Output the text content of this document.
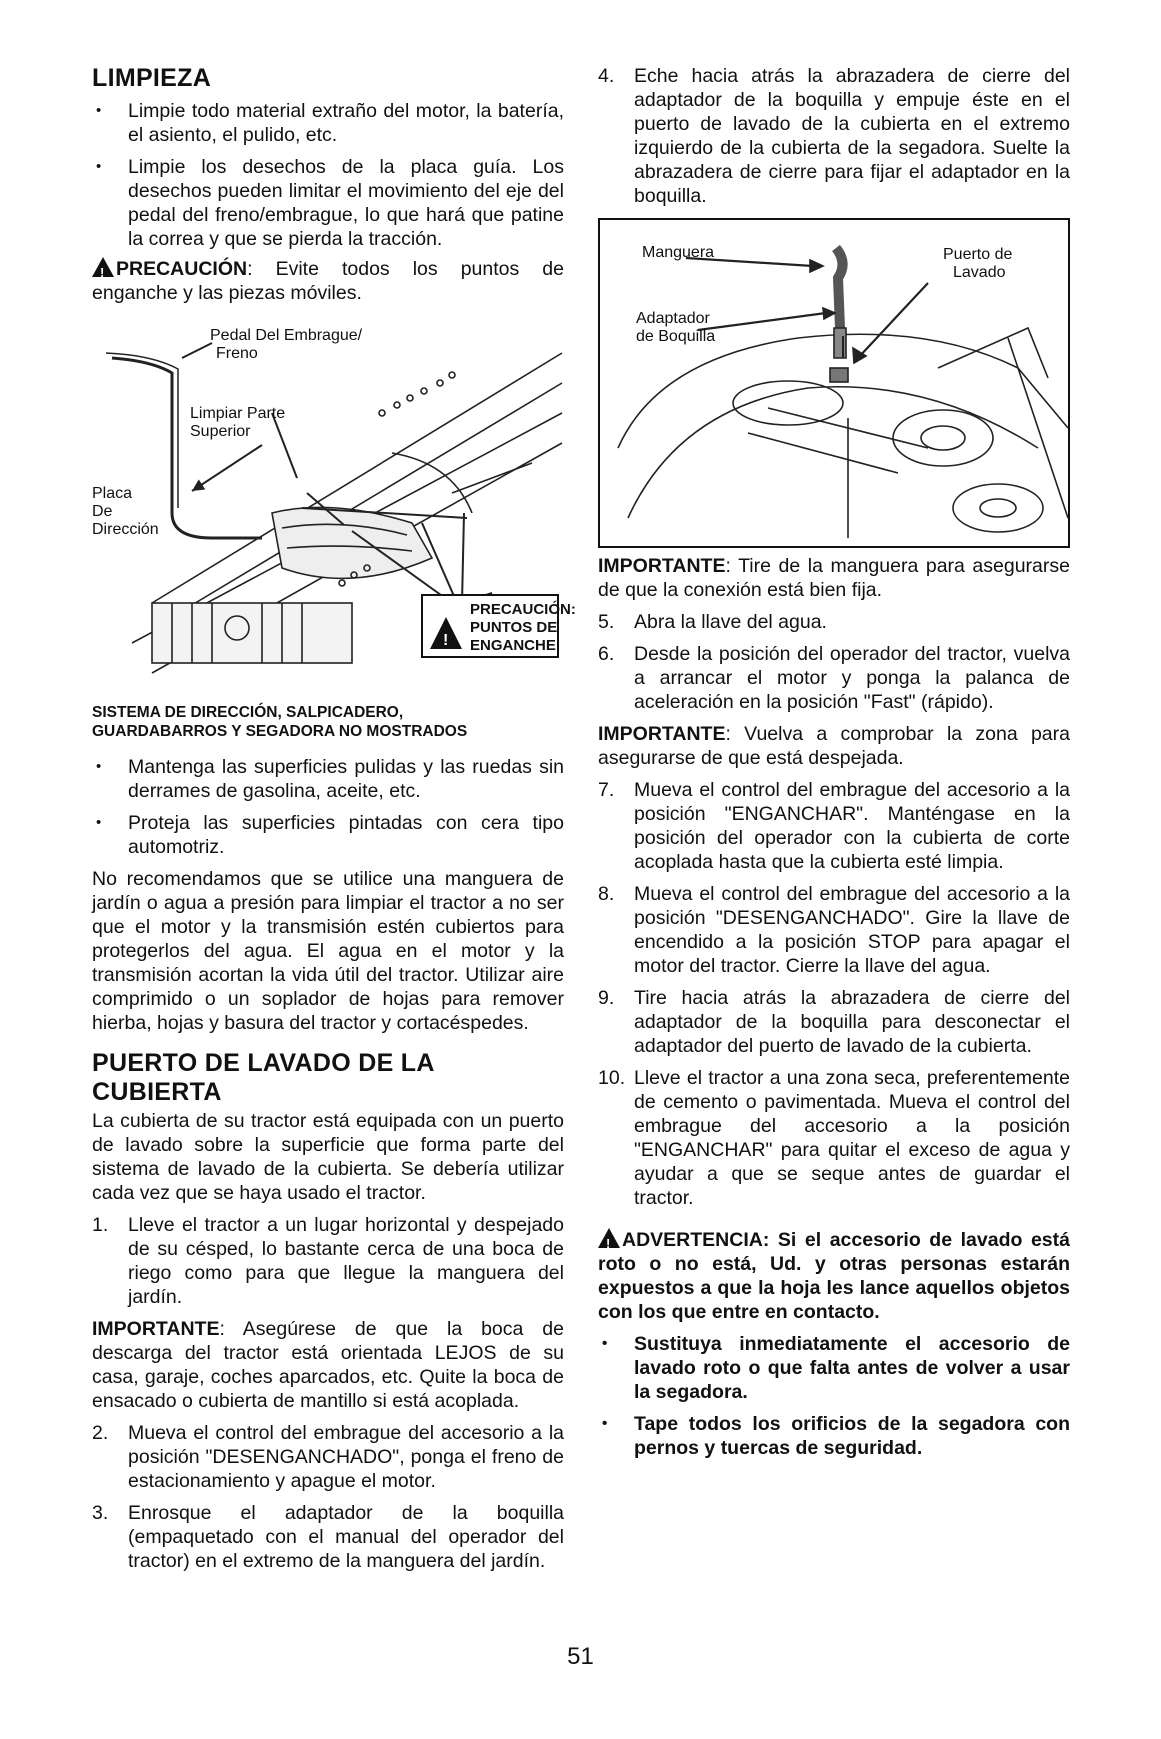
LIMPIEZA
• Limpie todo material extraño del motor, la batería, el asiento, el pulido, etc.
• Limpie los desechos de la placa guía. Los desechos pueden limitar el movimiento del eje del pedal del freno/embrague, lo que hará que patine la correa y que se pierda la tracción.

!PRECAUCIÓN: Evite todos los puntos de enganche y las piezas móviles.

!
Pedal Del Embrague/
Freno
Limpiar Parte
Superior
Placa
De
Dirección
PRECAUCIÓN:
PUNTOS DE
ENGANCHE
SISTEMA DE DIRECCIÓN, SALPICADERO,
GUARDABARROS Y SEGADORA NO MOSTRADOS
• Mantenga las superficies pulidas y las ruedas sin derrames de gasolina, aceite, etc.
• Proteja las superficies pintadas con cera tipo automotriz.

No recomendamos que se utilice una manguera de jardín o agua a presión para limpiar el tractor a no ser que el motor y la transmisión estén cubiertos para protegerlos del agua. El agua en el motor y la transmisión acortan la vida útil del tractor. Utilizar aire comprimido o un soplador de hojas para remover hierba, hojas y basura del tractor y cortacéspedes.

PUERTO DE LAVADO DE LA CUBIERTA

La cubierta de su tractor está equipada con un puerto de lavado sobre la superficie que forma parte del sistema de lavado de la cubierta. Se debería utilizar cada vez que se haya usado el tractor.

1. Lleve el tractor a un lugar horizontal y despejado de su césped, lo bastante cerca de una boca de riego como para que llegue la manguera del jardín.

IMPORTANTE: Asegúrese de que la boca de descarga del tractor está orientada LEJOS de su casa, garaje, coches aparcados, etc. Quite la boca de ensacado o cubierta de mantillo si está acoplada.

2. Mueva el control del embrague del accesorio a la posición "DESENGANCHADO", ponga el freno de estacionamiento y apague el motor.
3. Enrosque el adaptador de la boquilla (empaquetado con el manual del operador del tractor) en el extremo de la manguera del jardín.
4. Eche hacia atrás la abrazadera de cierre del adaptador de la boquilla y empuje éste en el puerto de lavado de la cubierta en el extremo izquierdo de la cubierta de la segadora. Suelte la abrazadera de cierre para fijar el adaptador en la boquilla.
Manguera	Puerto de
Lavado
Adaptador
de Boquilla

IMPORTANTE: Tire de la manguera para asegurarse de que la conexión está bien fija.

5. Abra la llave del agua.
6. Desde la posición del operador del tractor, vuelva a arrancar el motor y ponga la palanca de aceleración en la posición "Fast" (rápido).

IMPORTANTE: Vuelva a comprobar la zona para asegurarse de que está despejada.

7. Mueva el control del embrague del accesorio a la posición "ENGANCHAR". Manténgase en la posición del operador con la cubierta de corte acoplada hasta que la cubierta esté limpia.
8. Mueva el control del embrague del accesorio a la posición "DESENGANCHADO". Gire la llave de encendido a la posición STOP para apagar el motor del tractor. Cierre la llave del agua.
9. Tire hacia atrás la abrazadera de cierre del adaptador de la boquilla para desconectar el adaptador del puerto de lavado de la cubierta.
10. Lleve el tractor a una zona seca, preferentemente de cemento o pavimentada. Mueva el control del embrague del accesorio a la posición "ENGANCHAR" para quitar el exceso de agua y ayudar a que se seque antes de guardar el tractor.

!ADVERTENCIA: Si el accesorio de lavado está roto o no está, Ud. y otras personas estarán expuestos a que la hoja les lance aquellos objetos con los que entre en contacto.

• Sustituya inmediatamente el accesorio de lavado roto o que falta antes de volver a usar la segadora.
• Tape todos los orificios de la segadora con pernos y tuercas de seguridad.
51
